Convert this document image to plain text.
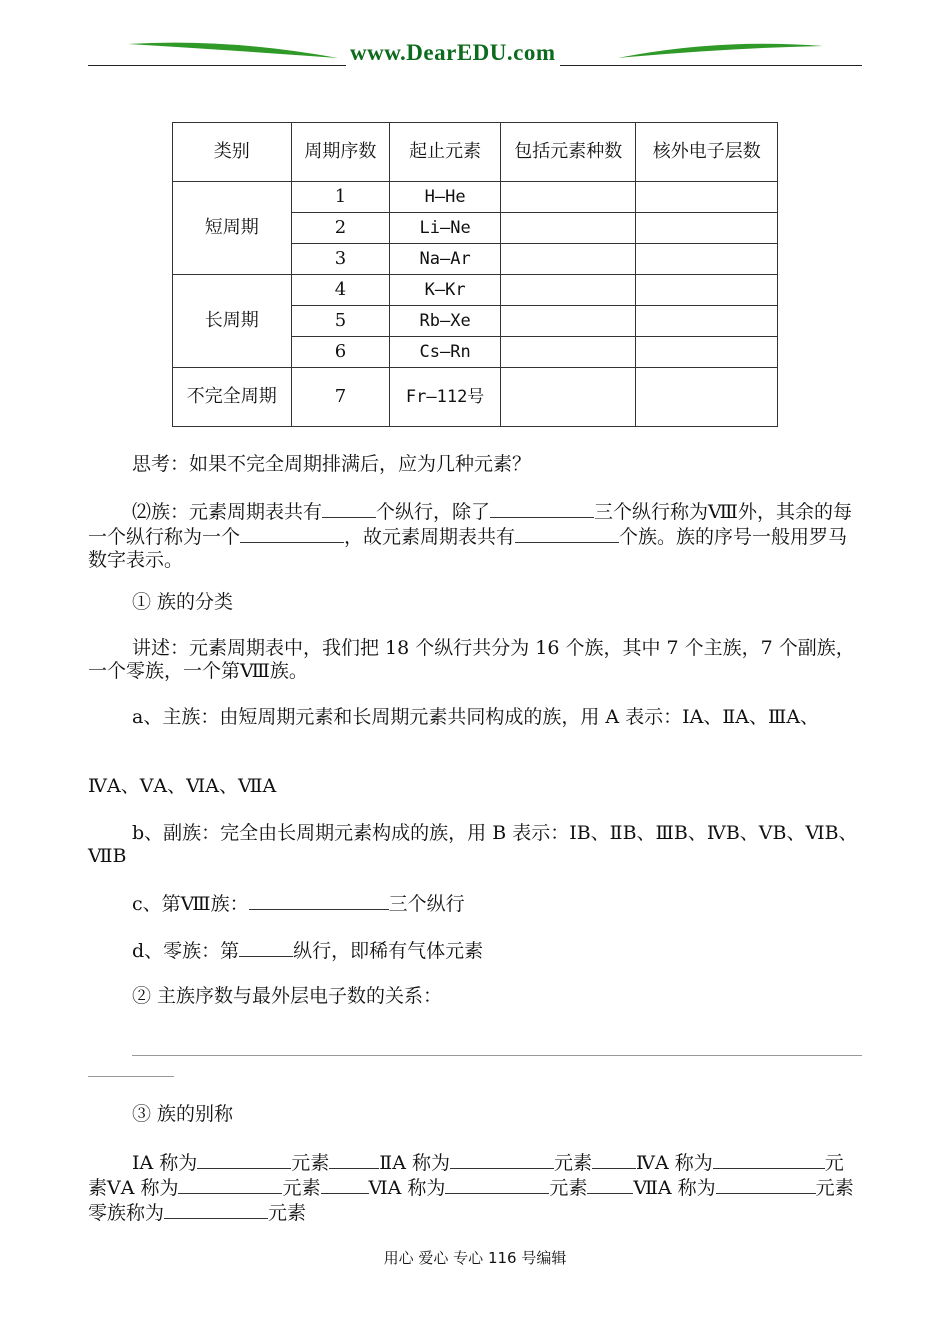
www.DearEDU.com
类别	周期序数	起止元素	包括元素种数	核外电子层数
短周期	1	H—He		
	2	Li—Ne		
	3	Na—Ar		
长周期	4	K—Kr		
	5	Rb—Xe		
	6	Cs—Rn		
不完全周期	7	Fr—112号		
思考：如果不完全周期排满后，应为几种元素？
⑵族：元素周期表共有	个纵行，除了	三个纵行称为Ⅷ外，其余的每一个纵行称为一个	，故元素周期表共有	个族。族的序号一般用罗马数字表示。
① 族的分类
讲述：元素周期表中，我们把 18 个纵行共分为 16 个族，其中 7 个主族，7 个副族，一个零族，一个第Ⅷ族。
a、主族：由短周期元素和长周期元素共同构成的族，用 A 表示：ⅠA、ⅡA、ⅢA、
ⅣA、ⅤA、ⅥA、ⅦA
b、副族：完全由长周期元素构成的族，用 B 表示：ⅠB、ⅡB、ⅢB、ⅣB、ⅤB、ⅥB、ⅦB
c、第Ⅷ族：	三个纵行
d、零族：第	纵行，即稀有气体元素
② 主族序数与最外层电子数的关系：
③ 族的别称
ⅠA 称为	元素	ⅡA 称为	元素 ⅣA 称为	元素ⅤA 称为	元素	ⅥA 称为	元素 ⅦA 称为	元素零族称为	元素
用心 爱心 专心 116 号编辑
